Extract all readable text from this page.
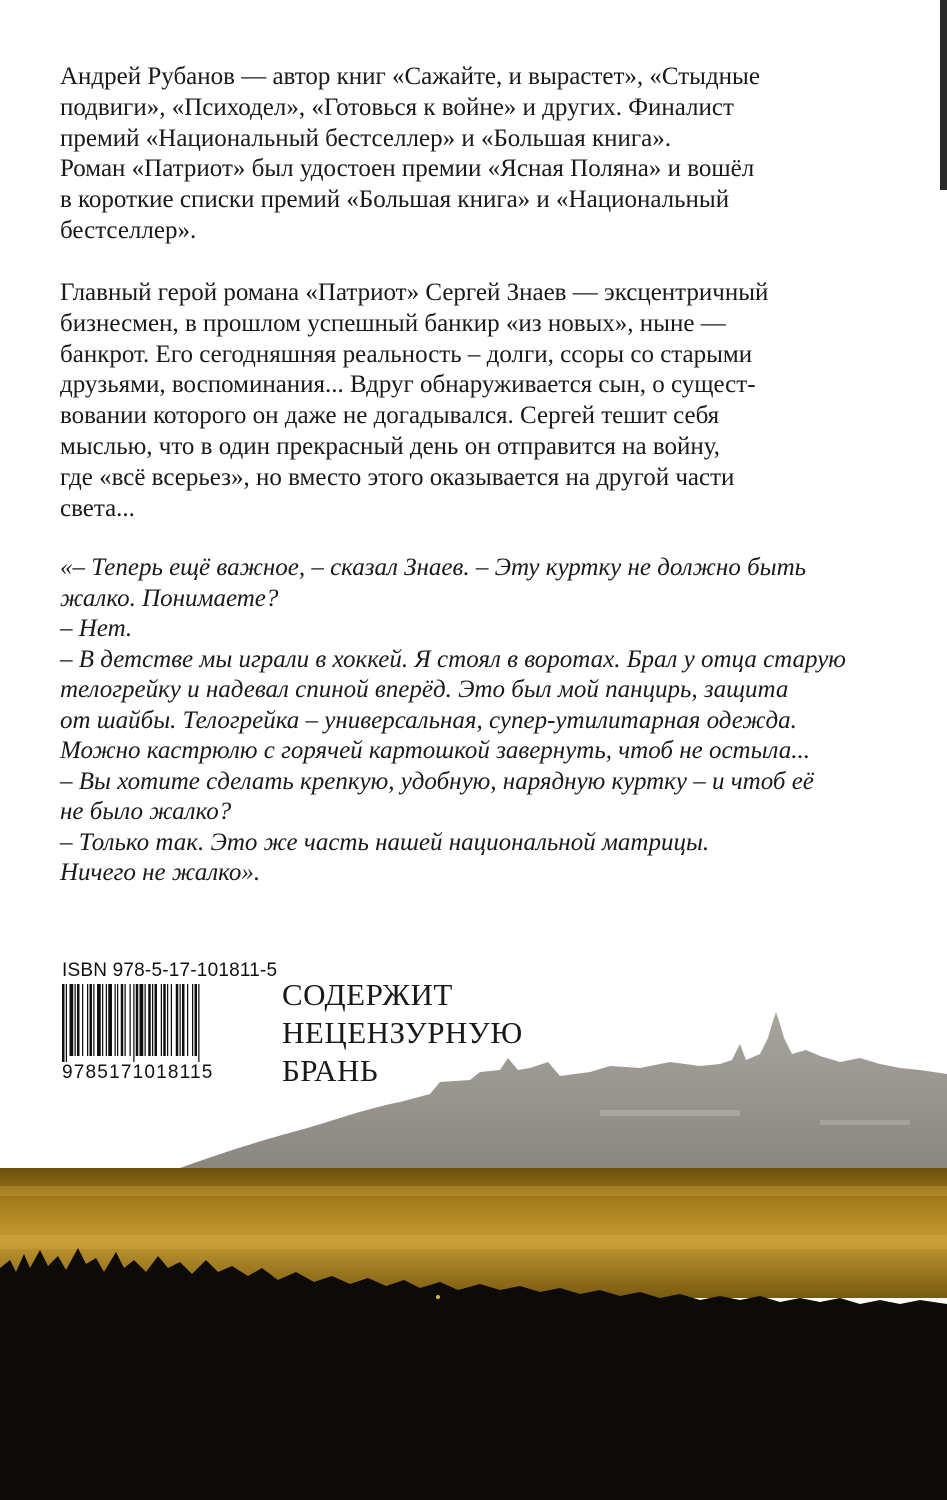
Андрей Рубанов — автор книг «Сажайте, и вырастет», «Стыдные
подвиги», «Психодел», «Готовься к войне» и других. Финалист
премий «Национальный бестселлер» и «Большая книга».
Роман «Патриот» был удостоен премии «Ясная Поляна» и вошёл
в короткие списки премий «Большая книга» и «Национальный
бестселлер».
Главный герой романа «Патриот» Сергей Знаев — эксцентричный
бизнесмен, в прошлом успешный банкир «из новых», ныне —
банкрот. Его сегодняшняя реальность – долги, ссоры со старыми
друзьями, воспоминания... Вдруг обнаруживается сын, о сущест-
вовании которого он даже не догадывался. Сергей тешит себя
мыслью, что в один прекрасный день он отправится на войну,
где «всё всерьез», но вместо этого оказывается на другой части
света...
«– Теперь ещё важное, – сказал Знаев. – Эту куртку не должно быть
жалко. Понимаете?
– Нет.
– В детстве мы играли в хоккей. Я стоял в воротах. Брал у отца старую
телогрейку и надевал спиной вперёд. Это был мой панцирь, защита
от шайбы. Телогрейка – универсальная, супер-утилитарная одежда.
Можно кастрюлю с горячей картошкой завернуть, чтоб не остыла...
– Вы хотите сделать крепкую, удобную, нарядную куртку – и чтоб её
не было жалко?
– Только так. Это же часть нашей национальной матрицы.
Ничего не жалко».
ISBN 978-5-17-101811-5
9785171018115
СОДЕРЖИТ
НЕЦЕНЗУРНУЮ
БРАНЬ
